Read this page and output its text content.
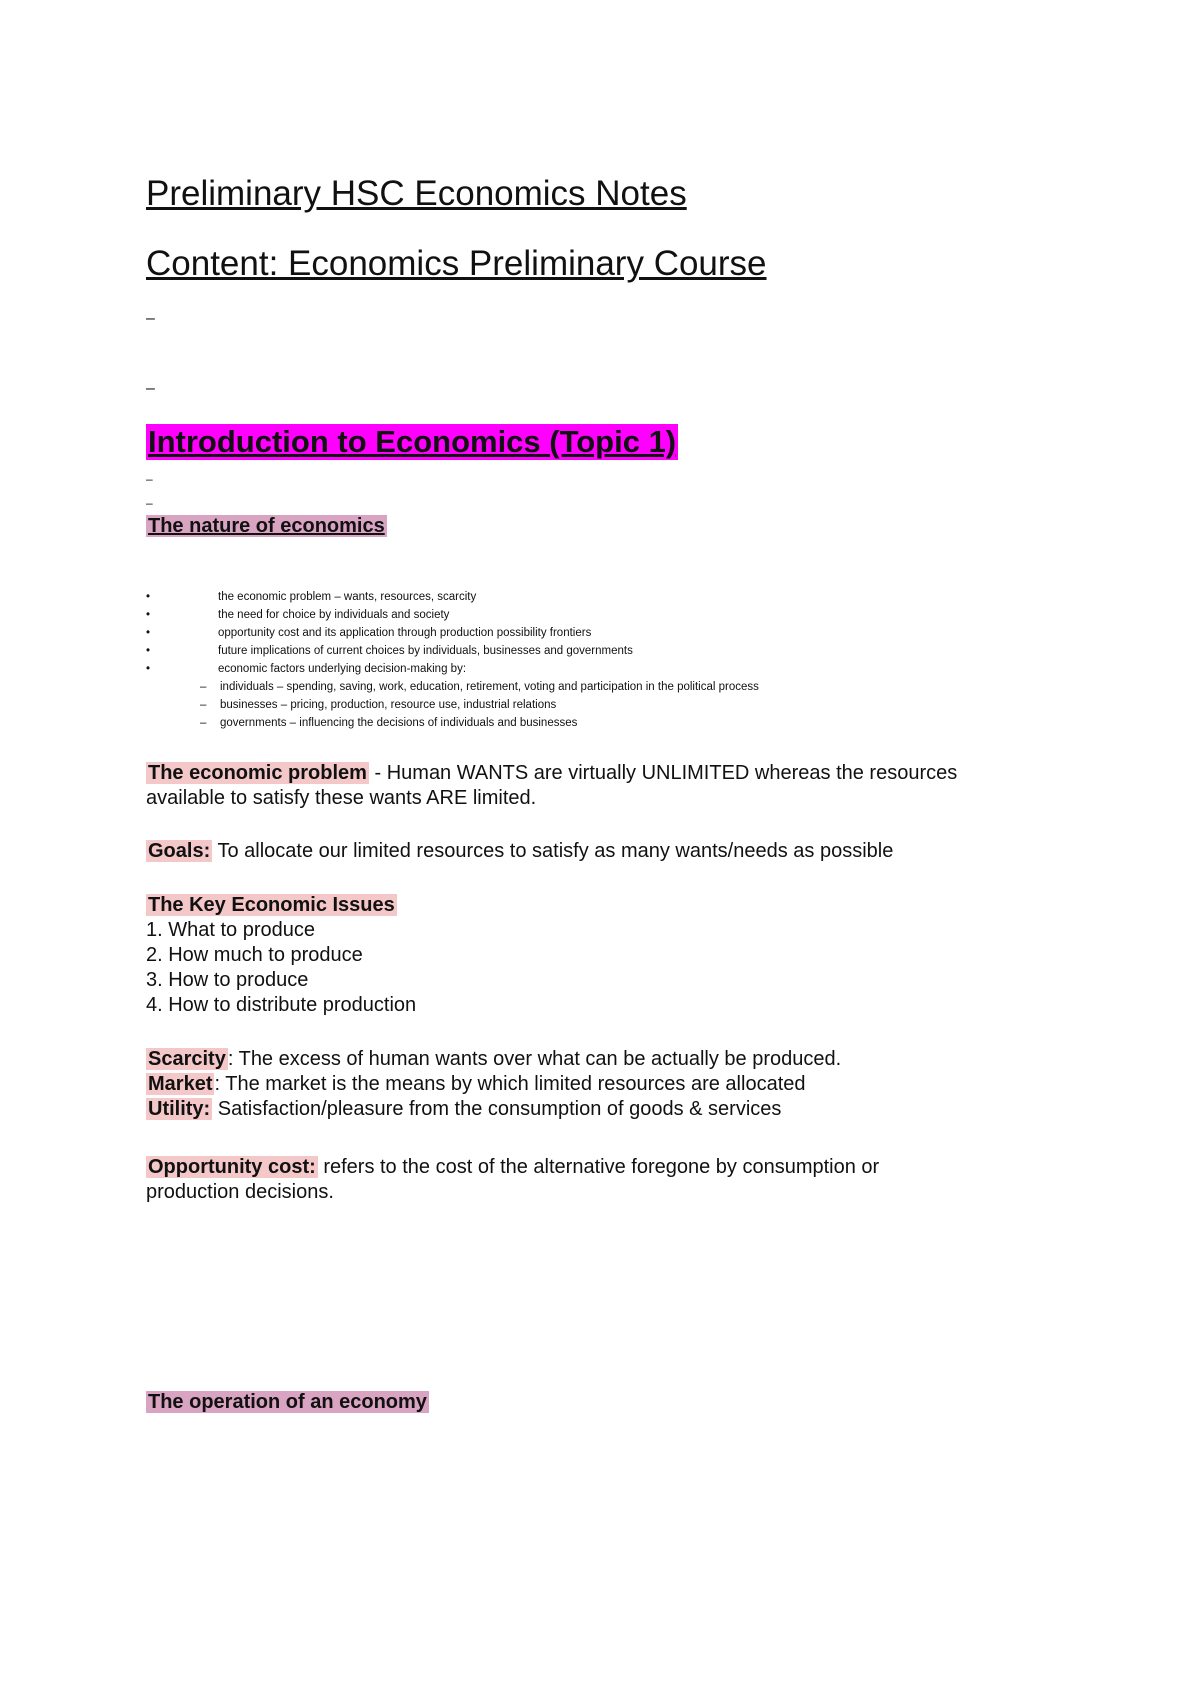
Preliminary HSC Economics Notes
Content: Economics Preliminary Course
–
–
Introduction to Economics (Topic 1)
–
–
The nature of economics
•	the economic problem – wants, resources, scarcity
•	the need for choice by individuals and society
•	opportunity cost and its application through production possibility frontiers
•	future implications of current choices by individuals, businesses and governments
•	economic factors underlying decision-making by:
– individuals – spending, saving, work, education, retirement, voting and participation in the political process
– businesses – pricing, production, resource use, industrial relations
– governments – influencing the decisions of individuals and businesses
The economic problem - Human WANTS are virtually UNLIMITED whereas the resources
available to satisfy these wants ARE limited.
Goals: To allocate our limited resources to satisfy as many wants/needs as possible
The Key Economic Issues
1. What to produce
2. How much to produce
3. How to produce
4. How to distribute production
Scarcity : The excess of human wants over what can be actually be produced.
Market : The market is the means by which limited resources are allocated
Utility: Satisfaction/pleasure from the consumption of goods & services
Opportunity cost: refers to the cost of the alternative foregone by consumption or
production decisions.
The operation of an economy
